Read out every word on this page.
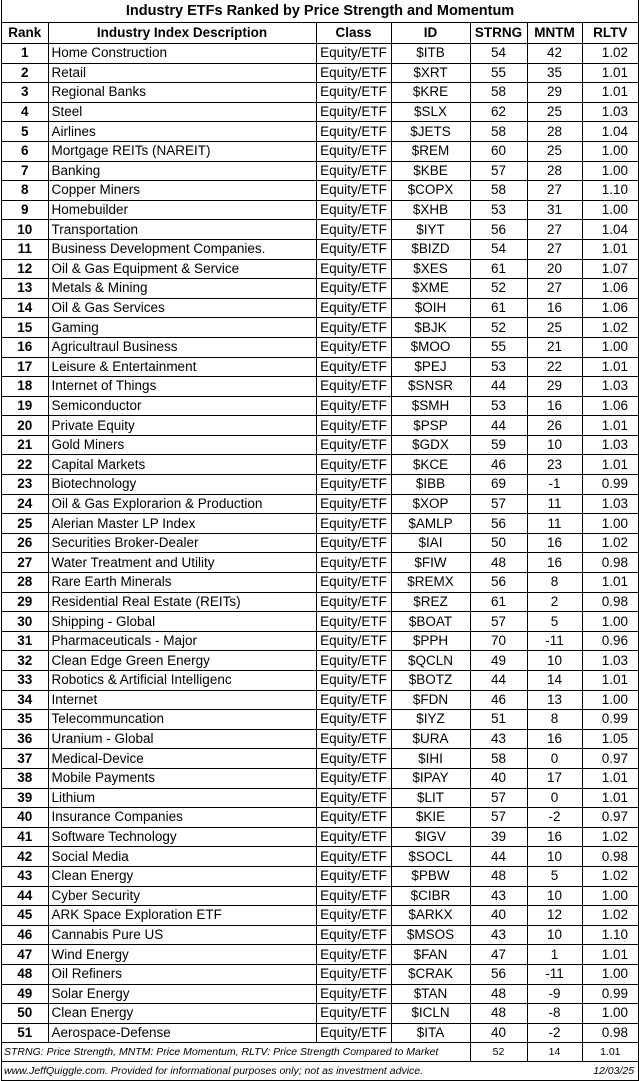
Industry ETFs Ranked by Price Strength and Momentum						
Rank	Industry Index Description	Class	ID	STRNG	MNTM	RLTV
1	Home Construction	Equity/ETF	$ITB	54	42	1.02
2	Retail	Equity/ETF	$XRT	55	35	1.01
3	Regional Banks	Equity/ETF	$KRE	58	29	1.01
4	Steel	Equity/ETF	$SLX	62	25	1.03
5	Airlines	Equity/ETF	$JETS	58	28	1.04
6	Mortgage REITs (NAREIT)	Equity/ETF	$REM	60	25	1.00
7	Banking	Equity/ETF	$KBE	57	28	1.00
8	Copper Miners	Equity/ETF	$COPX	58	27	1.10
9	Homebuilder	Equity/ETF	$XHB	53	31	1.00
10	Transportation	Equity/ETF	$IYT	56	27	1.04
11	Business Development Companies.	Equity/ETF	$BIZD	54	27	1.01
12	Oil & Gas Equipment & Service	Equity/ETF	$XES	61	20	1.07
13	Metals & Mining	Equity/ETF	$XME	52	27	1.06
14	Oil & Gas Services	Equity/ETF	$OIH	61	16	1.06
15	Gaming	Equity/ETF	$BJK	52	25	1.02
16	Agricultraul Business	Equity/ETF	$MOO	55	21	1.00
17	Leisure & Entertainment	Equity/ETF	$PEJ	53	22	1.01
18	Internet of Things	Equity/ETF	$SNSR	44	29	1.03
19	Semiconductor	Equity/ETF	$SMH	53	16	1.06
20	Private Equity	Equity/ETF	$PSP	44	26	1.01
21	Gold Miners	Equity/ETF	$GDX	59	10	1.03
22	Capital Markets	Equity/ETF	$KCE	46	23	1.01
23	Biotechnology	Equity/ETF	$IBB	69	-1	0.99
24	Oil & Gas Explorarion & Production	Equity/ETF	$XOP	57	11	1.03
25	Alerian Master LP Index	Equity/ETF	$AMLP	56	11	1.00
26	Securities Broker-Dealer	Equity/ETF	$IAI	50	16	1.02
27	Water Treatment and Utility	Equity/ETF	$FIW	48	16	0.98
28	Rare Earth Minerals	Equity/ETF	$REMX	56	8	1.01
29	Residential Real Estate (REITs)	Equity/ETF	$REZ	61	2	0.98
30	Shipping - Global	Equity/ETF	$BOAT	57	5	1.00
31	Pharmaceuticals - Major	Equity/ETF	$PPH	70	-11	0.96
32	Clean Edge Green Energy	Equity/ETF	$QCLN	49	10	1.03
33	Robotics & Artificial Intelligenc	Equity/ETF	$BOTZ	44	14	1.01
34	Internet	Equity/ETF	$FDN	46	13	1.00
35	Telecommuncation	Equity/ETF	$IYZ	51	8	0.99
36	Uranium - Global	Equity/ETF	$URA	43	16	1.05
37	Medical-Device	Equity/ETF	$IHI	58	0	0.97
38	Mobile Payments	Equity/ETF	$IPAY	40	17	1.01
39	Lithium	Equity/ETF	$LIT	57	0	1.01
40	Insurance Companies	Equity/ETF	$KIE	57	-2	0.97
41	Software Technology	Equity/ETF	$IGV	39	16	1.02
42	Social Media	Equity/ETF	$SOCL	44	10	0.98
43	Clean Energy	Equity/ETF	$PBW	48	5	1.02
44	Cyber Security	Equity/ETF	$CIBR	43	10	1.00
45	ARK Space Exploration ETF	Equity/ETF	$ARKX	40	12	1.02
46	Cannabis Pure US	Equity/ETF	$MSOS	43	10	1.10
47	Wind Energy	Equity/ETF	$FAN	47	1	1.01
48	Oil Refiners	Equity/ETF	$CRAK	56	-11	1.00
49	Solar Energy	Equity/ETF	$TAN	48	-9	0.99
50	Clean Energy	Equity/ETF	$ICLN	48	-8	1.00
51	Aerospace-Defense	Equity/ETF	$ITA	40	-2	0.98
STRNG: Price Strength, MNTM: Price Momentum, RLTV: Price Strength Compared to Market				52	14	1.01
www.JeffQuiggle.com. Provided for informational purposes only; not as investment advice.						12/03/25
